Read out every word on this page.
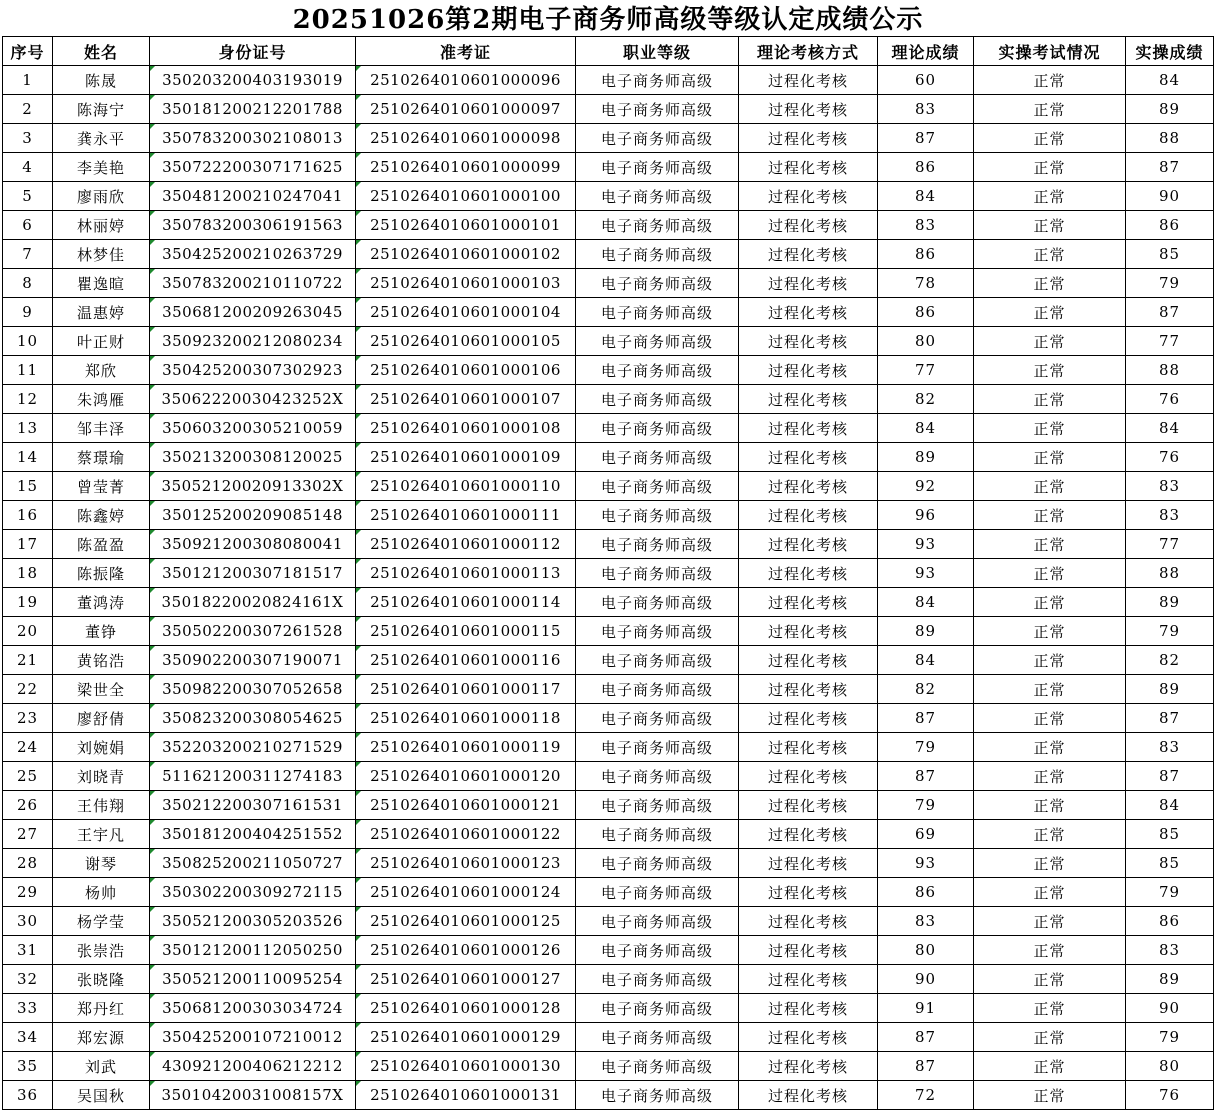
20251026第2期电子商务师高级等级认定成绩公示
序号	姓名	身份证号	准考证	职业等级	理论考核方式	理论成绩	实操考试情况	实操成绩
1	陈晟	350203200403193019	2510264010601000096	电子商务师高级	过程化考核	60	正常	84
2	陈海宁	350181200212201788	2510264010601000097	电子商务师高级	过程化考核	83	正常	89
3	龚永平	350783200302108013	2510264010601000098	电子商务师高级	过程化考核	87	正常	88
4	李美艳	350722200307171625	2510264010601000099	电子商务师高级	过程化考核	86	正常	87
5	廖雨欣	350481200210247041	2510264010601000100	电子商务师高级	过程化考核	84	正常	90
6	林丽婷	350783200306191563	2510264010601000101	电子商务师高级	过程化考核	83	正常	86
7	林梦佳	350425200210263729	2510264010601000102	电子商务师高级	过程化考核	86	正常	85
8	瞿逸暄	350783200210110722	2510264010601000103	电子商务师高级	过程化考核	78	正常	79
9	温惠婷	350681200209263045	2510264010601000104	电子商务师高级	过程化考核	86	正常	87
10	叶正财	350923200212080234	2510264010601000105	电子商务师高级	过程化考核	80	正常	77
11	郑欣	350425200307302923	2510264010601000106	电子商务师高级	过程化考核	77	正常	88
12	朱鸿雁	35062220030423252X	2510264010601000107	电子商务师高级	过程化考核	82	正常	76
13	邹丰泽	350603200305210059	2510264010601000108	电子商务师高级	过程化考核	84	正常	84
14	蔡璟瑜	350213200308120025	2510264010601000109	电子商务师高级	过程化考核	89	正常	76
15	曾莹菁	35052120020913302X	2510264010601000110	电子商务师高级	过程化考核	92	正常	83
16	陈鑫婷	350125200209085148	2510264010601000111	电子商务师高级	过程化考核	96	正常	83
17	陈盈盈	350921200308080041	2510264010601000112	电子商务师高级	过程化考核	93	正常	77
18	陈振隆	350121200307181517	2510264010601000113	电子商务师高级	过程化考核	93	正常	88
19	董鸿涛	35018220020824161X	2510264010601000114	电子商务师高级	过程化考核	84	正常	89
20	董铮	350502200307261528	2510264010601000115	电子商务师高级	过程化考核	89	正常	79
21	黄铭浩	350902200307190071	2510264010601000116	电子商务师高级	过程化考核	84	正常	82
22	梁世全	350982200307052658	2510264010601000117	电子商务师高级	过程化考核	82	正常	89
23	廖舒倩	350823200308054625	2510264010601000118	电子商务师高级	过程化考核	87	正常	87
24	刘婉娟	352203200210271529	2510264010601000119	电子商务师高级	过程化考核	79	正常	83
25	刘晓青	511621200311274183	2510264010601000120	电子商务师高级	过程化考核	87	正常	87
26	王伟翔	350212200307161531	2510264010601000121	电子商务师高级	过程化考核	79	正常	84
27	王宇凡	350181200404251552	2510264010601000122	电子商务师高级	过程化考核	69	正常	85
28	谢琴	350825200211050727	2510264010601000123	电子商务师高级	过程化考核	93	正常	85
29	杨帅	350302200309272115	2510264010601000124	电子商务师高级	过程化考核	86	正常	79
30	杨学莹	350521200305203526	2510264010601000125	电子商务师高级	过程化考核	83	正常	86
31	张崇浩	350121200112050250	2510264010601000126	电子商务师高级	过程化考核	80	正常	83
32	张晓隆	350521200110095254	2510264010601000127	电子商务师高级	过程化考核	90	正常	89
33	郑丹红	350681200303034724	2510264010601000128	电子商务师高级	过程化考核	91	正常	90
34	郑宏源	350425200107210012	2510264010601000129	电子商务师高级	过程化考核	87	正常	79
35	刘武	430921200406212212	2510264010601000130	电子商务师高级	过程化考核	87	正常	80
36	吴国秋	35010420031008157X	2510264010601000131	电子商务师高级	过程化考核	72	正常	76
